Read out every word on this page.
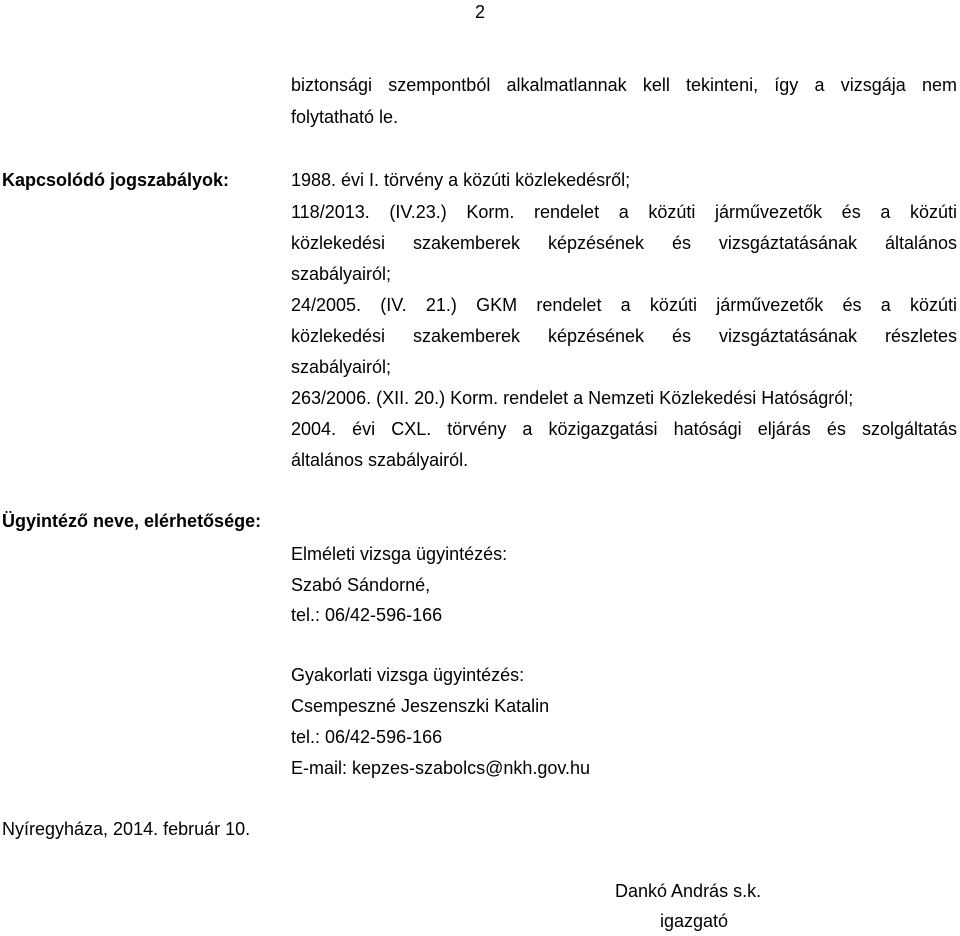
2

biztonsági szempontból alkalmatlannak kell tekinteni, így a vizsgája nem

folytatható le.

Kapcsolódó jogszabályok:	1988. évi I. törvény a közúti közlekedésről;

118/2013. (IV.23.) Korm. rendelet a közúti járművezetők és a közúti

közlekedési szakemberek képzésének és vizsgáztatásának általános

szabályairól;

24/2005. (IV. 21.) GKM rendelet a közúti járművezetők és a közúti

közlekedési szakemberek képzésének és vizsgáztatásának részletes

szabályairól;

263/2006. (XII. 20.) Korm. rendelet a Nemzeti Közlekedési Hatóságról;

2004. évi CXL. törvény a közigazgatási hatósági eljárás és szolgáltatás

általános szabályairól.

Ügyintéző neve, elérhetősége:

Elméleti vizsga ügyintézés:

Szabó Sándorné,

tel.: 06/42-596-166

Gyakorlati vizsga ügyintézés:

Csempeszné Jeszenszki Katalin

tel.: 06/42-596-166

E-mail: kepzes-szabolcs@nkh.gov.hu

Nyíregyháza, 2014. február 10.

Dankó András s.k.

igazgató
